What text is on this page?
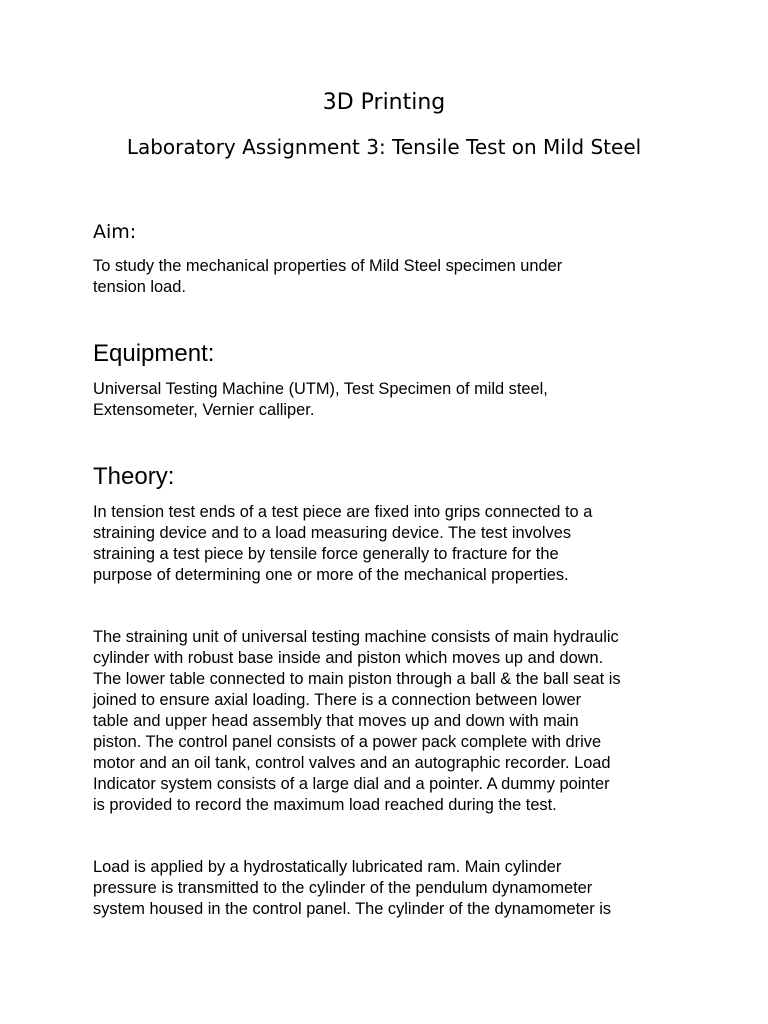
3D Printing
Laboratory Assignment 3: Tensile Test on Mild Steel
Aim:

To study the mechanical properties of Mild Steel specimen under
tension load.

Equipment:

Universal Testing Machine (UTM), Test Specimen of mild steel,
Extensometer, Vernier calliper.

Theory:

In tension test ends of a test piece are fixed into grips connected to a
straining device and to a load measuring device. The test involves
straining a test piece by tensile force generally to fracture for the
purpose of determining one or more of the mechanical properties.

The straining unit of universal testing machine consists of main hydraulic
cylinder with robust base inside and piston which moves up and down.
The lower table connected to main piston through a ball & the ball seat is
joined to ensure axial loading. There is a connection between lower
table and upper head assembly that moves up and down with main
piston. The control panel consists of a power pack complete with drive
motor and an oil tank, control valves and an autographic recorder. Load
Indicator system consists of a large dial and a pointer. A dummy pointer
is provided to record the maximum load reached during the test.

Load is applied by a hydrostatically lubricated ram. Main cylinder
pressure is transmitted to the cylinder of the pendulum dynamometer
system housed in the control panel. The cylinder of the dynamometer is
